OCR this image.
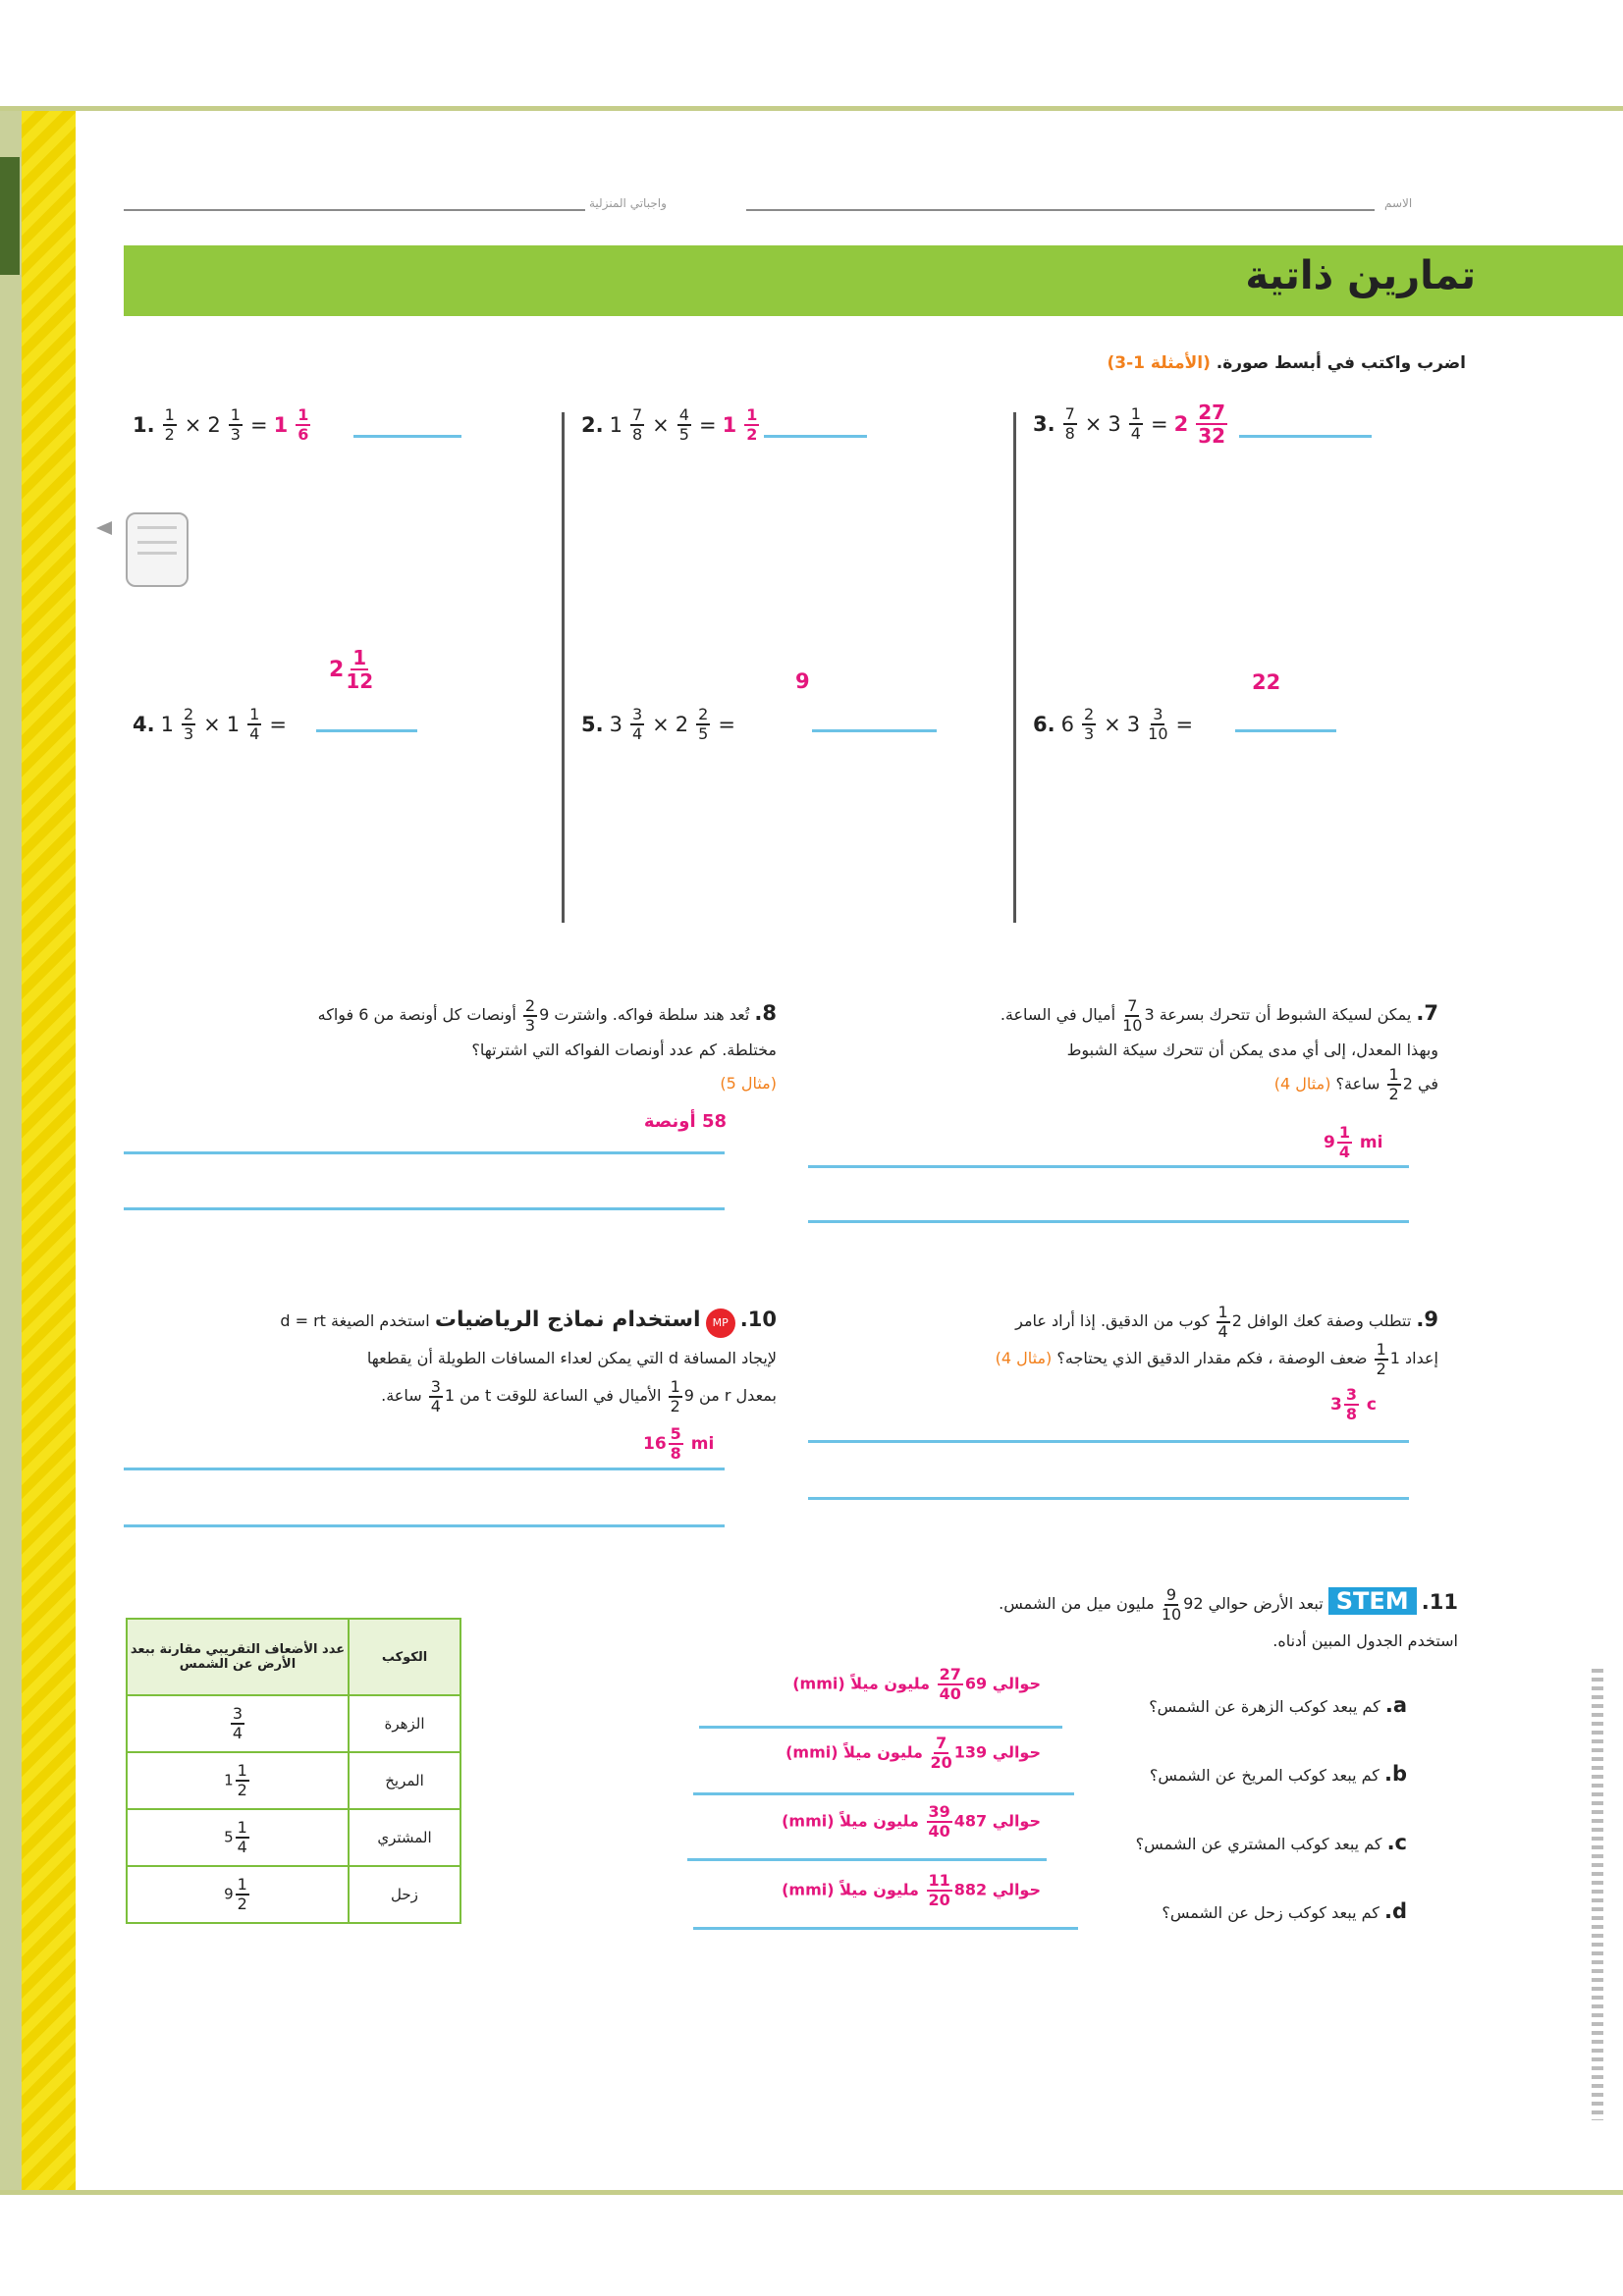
واجباتي المنزلية	الاسم
تمارين ذاتية
اضرب واكتب في أبسط صورة. (الأمثلة 1-3)
1. $\frac{1}{2} \times 2 \frac{1}{3} = 1 \frac{1}{6}$	2. $1 \frac{7}{8} \times \frac{4}{5} = 1 \frac{1}{2}$	3. $\frac{7}{8} \times 3 \frac{1}{4} = 2 \frac{27}{32}$
4. $1 \frac{2}{3} \times 1 \frac{1}{4}$ =
$2 \frac{1}{12}$
5. $3 \frac{3}{4} \times 2 \frac{2}{5}$ =
9
6. $6 \frac{2}{3} \times 3 \frac{3}{10}$ =
22
7. يمكن لسيكة الشبوط أن تتحرك بسرعة 3
$\frac{7}{10}$
أميال في الساعة.
وبهذا المعدل، إلى أي مدى يمكن أن تتحرك سيكة الشبوط
في 2
$\frac{1}{2}$
ساعة؟ (مثال 4)
$9 \frac{1}{4}$
mi
8. تُعد هند سلطة فواكه. واشترت 9
$\frac{2}{3}$
أونصات كل أونصة من 6 فواكه
مختلطة. كم عدد أونصات الفواكه التي اشترتها؟
(مثال 5)
58 أونصة
9. تتطلب وصفة كعك الوافل 2
$\frac{1}{4}$
كوب من الدقيق. إذا أراد عامر
إعداد 1
$\frac{1}{2}$
ضعف الوصفة ، فكم مقدار الدقيق الذي يحتاجه؟ (مثال 4)
$3 \frac{3}{8}$
c
10. MP استخدام نماذج الرياضيات استخدم الصيغة d = rt
لإيجاد المسافة d التي يمكن لعداء المسافات الطويلة أن يقطعها
بمعدل r من 9
$\frac{1}{2}$
الأميال في الساعة للوقت t من 1
$\frac{3}{4}$
ساعة.
$16 \frac{5}{8}$
mi
11. STEM تبعد الأرض حوالي 92
$\frac{9}{10}$
مليون ميل من الشمس.
استخدم الجدول المبين أدناه.
a. كم يبعد كوكب الزهرة عن الشمس؟
حوالي 69
$\frac{27}{40}$
مليون ميلاً (mmi)
b. كم يبعد كوكب المريخ عن الشمس؟
حوالي 139
$\frac{7}{20}$
مليون ميلاً (mmi)
c. كم يبعد كوكب المشتري عن الشمس؟
حوالي 487
$\frac{39}{40}$
مليون ميلاً (mmi)
d. كم يبعد كوكب زحل عن الشمس؟
حوالي 882
$\frac{11}{20}$
مليون ميلاً (mmi)
عدد الأضعاف التقريبي مقارنة ببعد الأرض عن الشمس	الكوكب

$\frac{3}{4}$	الزهرة
$1 \frac{1}{2}$	المريخ
$5 \frac{1}{4}$	المشتري
$9 \frac{1}{2}$	زحل
